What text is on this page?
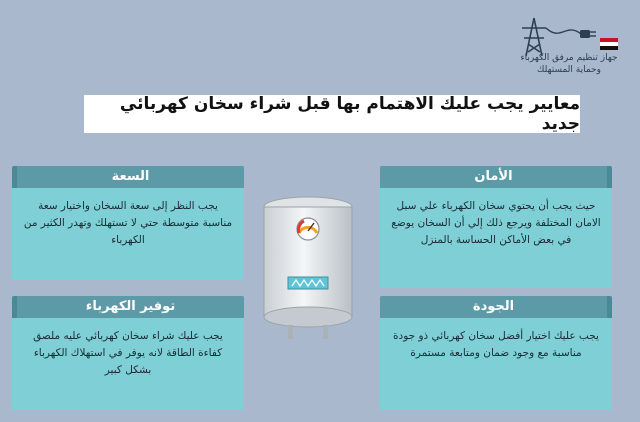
جهاز تنظيم مرفق الكهرباء
وحماية المستهلك
معايير يجب عليك الاهتمام بها قبل شراء سخان كهربائي جديد
السعة
يجب النظر إلى سعة السخان واختيار سعة مناسبة متوسطة حتي لا تستهلك وتهدر الكثير من الكهرباء
الأمان
حيث يجب أن يحتوي سخان الكهرباء علي سبل الامان المختلفة ويرجع ذلك إلي أن السخان يوضع في بعض الأماكن الحساسة بالمنزل
توفير الكهرباء
يجب عليك شراء سخان كهربائي عليه ملصق كفاءة الطاقة لانه يوفر في استهلاك الكهرباء بشكل كبير
الجودة
يجب عليك اختيار أفضل سخان كهربائي ذو جودة مناسبة مع وجود ضمان ومتابعة مستمرة
